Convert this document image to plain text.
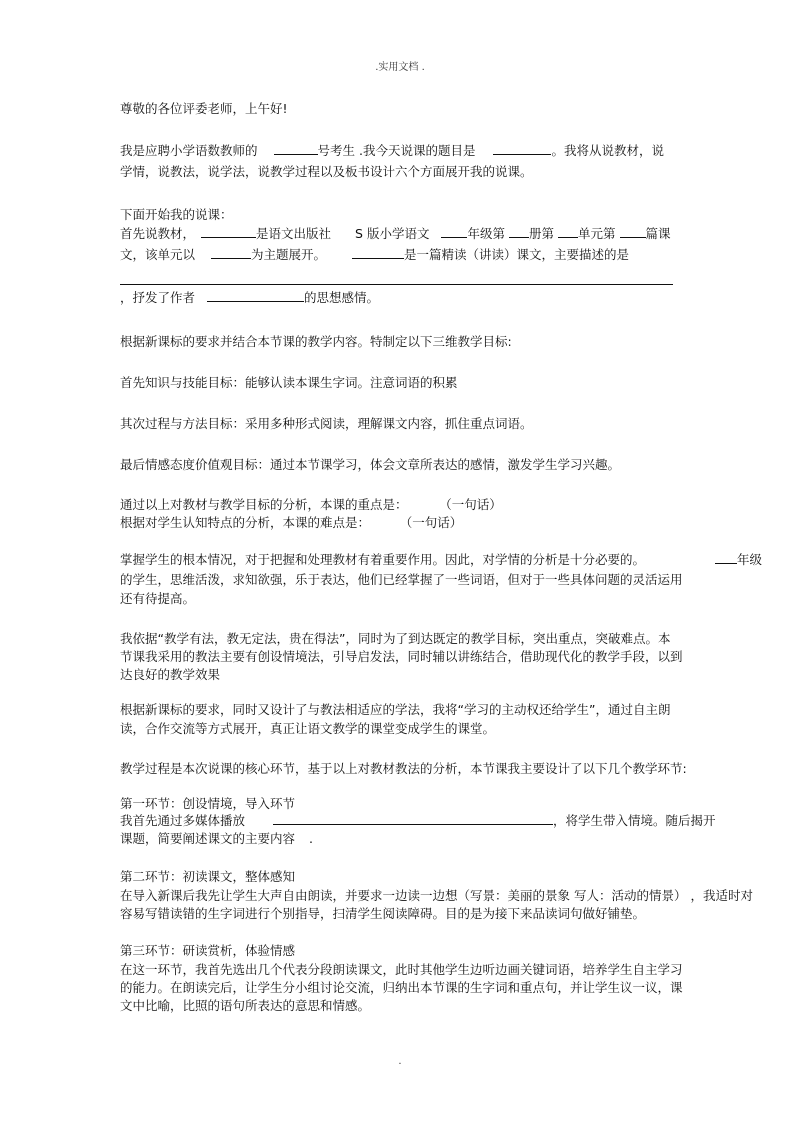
.实用文档 .
尊敬的各位评委老师，上午好!
我是应聘小学语数教师的	号考生 .我今天说课的题目是	。我将从说教材，说
学情，说教法，说学法，说教学过程以及板书设计六个方面展开我的说课。
下面开始我的说课：
首先说教材，	是语文出版社 S 版小学语文	年级第 册第 单元第 篇课
文，该单元以	为主题展开。	是一篇精读（讲读）课文，主要描述的是
，抒发了作者	的思想感情。
根据新课标的要求并结合本节课的教学内容。特制定以下三维教学目标:
首先知识与技能目标：能够认读本课生字词。注意词语的积累
其次过程与方法目标：采用多种形式阅读，理解课文内容，抓住重点词语。
最后情感态度价值观目标：通过本节课学习，体会文章所表达的感情，激发学生学习兴趣。
通过以上对教材与教学目标的分析，本课的重点是：	（一句话）
根据对学生认知特点的分析，本课的难点是：	（一句话）
掌握学生的根本情况，对于把握和处理教材有着重要作用。因此，对学情的分析是十分必要的。	年级
的学生，思维活泼，求知欲强，乐于表达，他们已经掌握了一些词语，但对于一些具体问题的灵活运用
还有待提高。
我依据“教学有法，教无定法，贵在得法”，同时为了到达既定的教学目标，突出重点，突破难点。本
节课我采用的教法主要有创设情境法，引导启发法，同时辅以讲练结合，借助现代化的教学手段，以到
达良好的教学效果
根据新课标的要求，同时又设计了与教法相适应的学法，我将“学习的主动权还给学生”，通过自主朗
读，合作交流等方式展开，真正让语文教学的课堂变成学生的课堂。
教学过程是本次说课的核心环节，基于以上对教材教法的分析，本节课我主要设计了以下几个教学环节:
第一环节：创设情境，导入环节
我首先通过多媒体播放	，将学生带入情境。随后揭开
课题，简要阐述课文的主要内容 .
第二环节：初读课文，整体感知
在导入新课后我先让学生大声自由朗读，并要求一边读一边想（写景：美丽的景象 写人：活动的情景） ，我适时对
容易写错读错的生字词进行个别指导，扫清学生阅读障碍。目的是为接下来品读词句做好铺垫。
第三环节：研读赏析，体验情感
在这一环节，我首先选出几个代表分段朗读课文，此时其他学生边听边画关键词语，培养学生自主学习
的能力。在朗读完后，让学生分小组讨论交流，归纳出本节课的生字词和重点句，并让学生议一议，课
文中比喻，比照的语句所表达的意思和情感。
.
